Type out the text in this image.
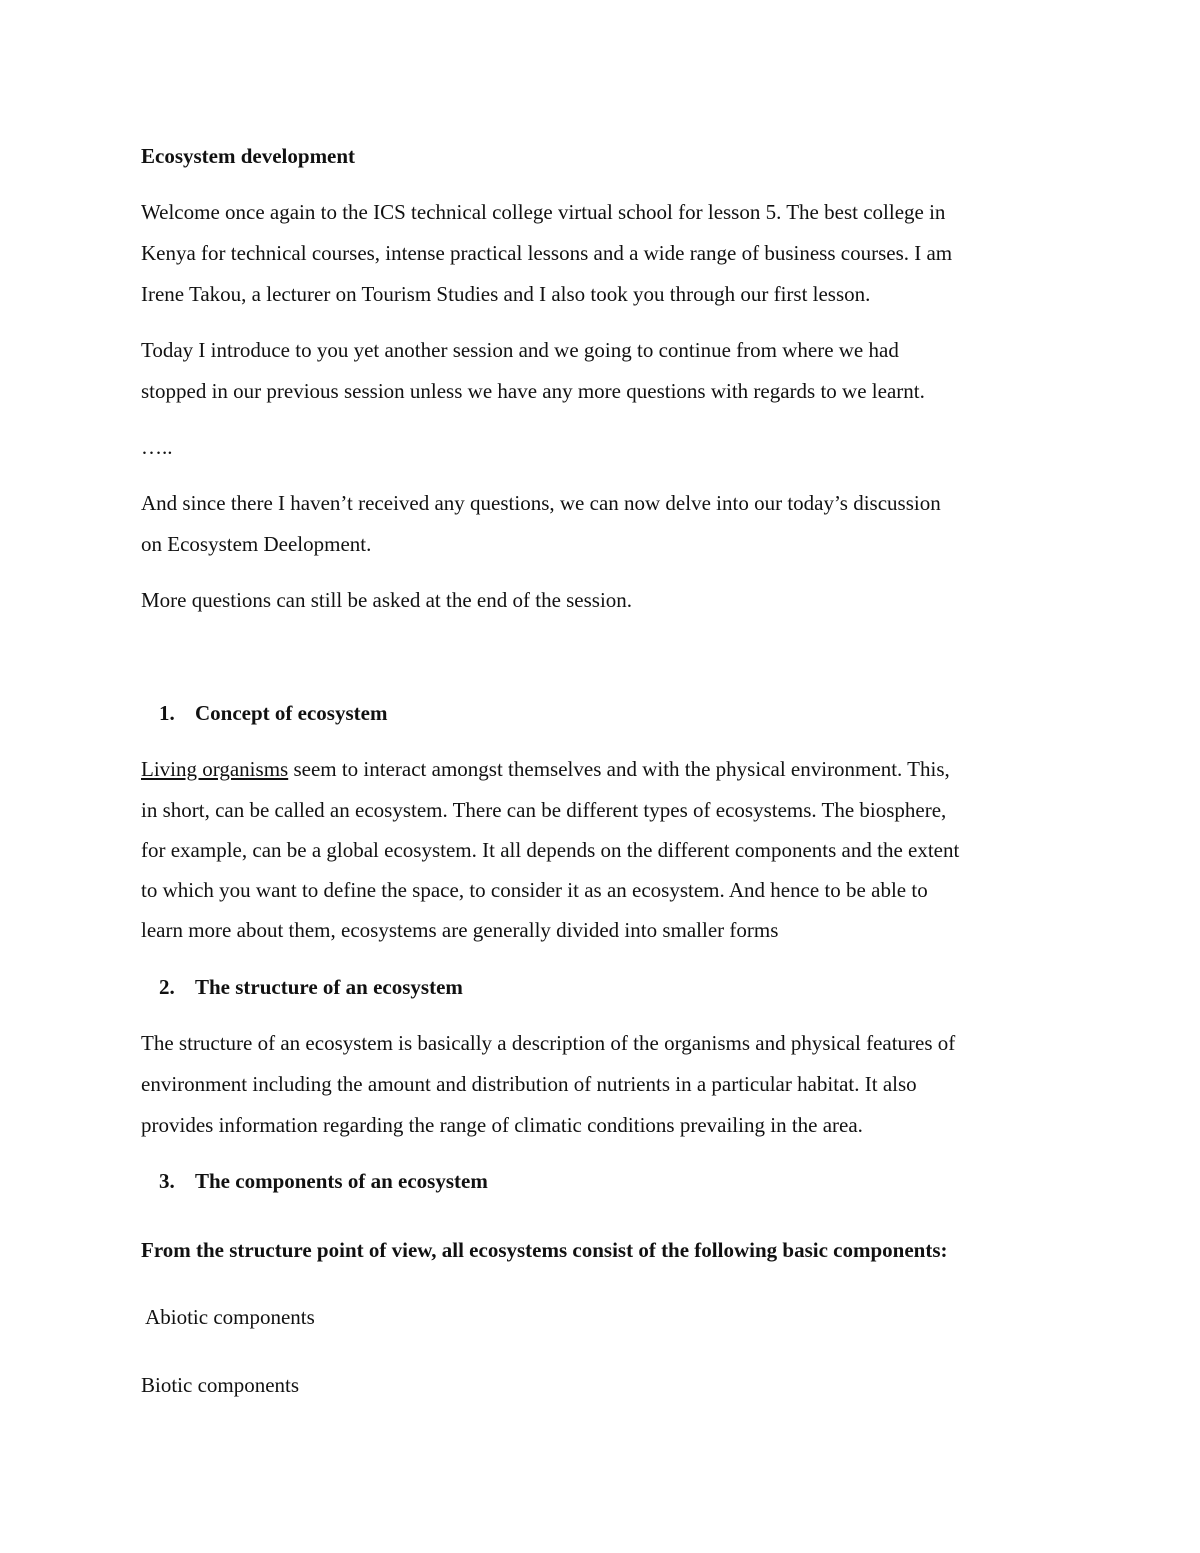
Ecosystem development
Welcome once again to the ICS technical college virtual school for lesson 5. The best college in
Kenya for technical courses, intense practical lessons and a wide range of business courses. I am
Irene Takou, a lecturer on Tourism Studies and I also took you through our first lesson.
Today I introduce to you yet another session and we going to continue from where we had
stopped in our previous session unless we have any more questions with regards to we learnt.
…..
And since there I haven’t received any questions, we can now delve into our today’s discussion
on Ecosystem Deelopment.
More questions can still be asked at the end of the session.
1. Concept of ecosystem
Living organisms seem to interact amongst themselves and with the physical environment. This,
in short, can be called an ecosystem. There can be different types of ecosystems. The biosphere,
for example, can be a global ecosystem. It all depends on the different components and the extent
to which you want to define the space, to consider it as an ecosystem. And hence to be able to
learn more about them, ecosystems are generally divided into smaller forms
2. The structure of an ecosystem
The structure of an ecosystem is basically a description of the organisms and physical features of
environment including the amount and distribution of nutrients in a particular habitat. It also
provides information regarding the range of climatic conditions prevailing in the area.
3. The components of an ecosystem
From the structure point of view, all ecosystems consist of the following basic components:
Abiotic components
Biotic components
